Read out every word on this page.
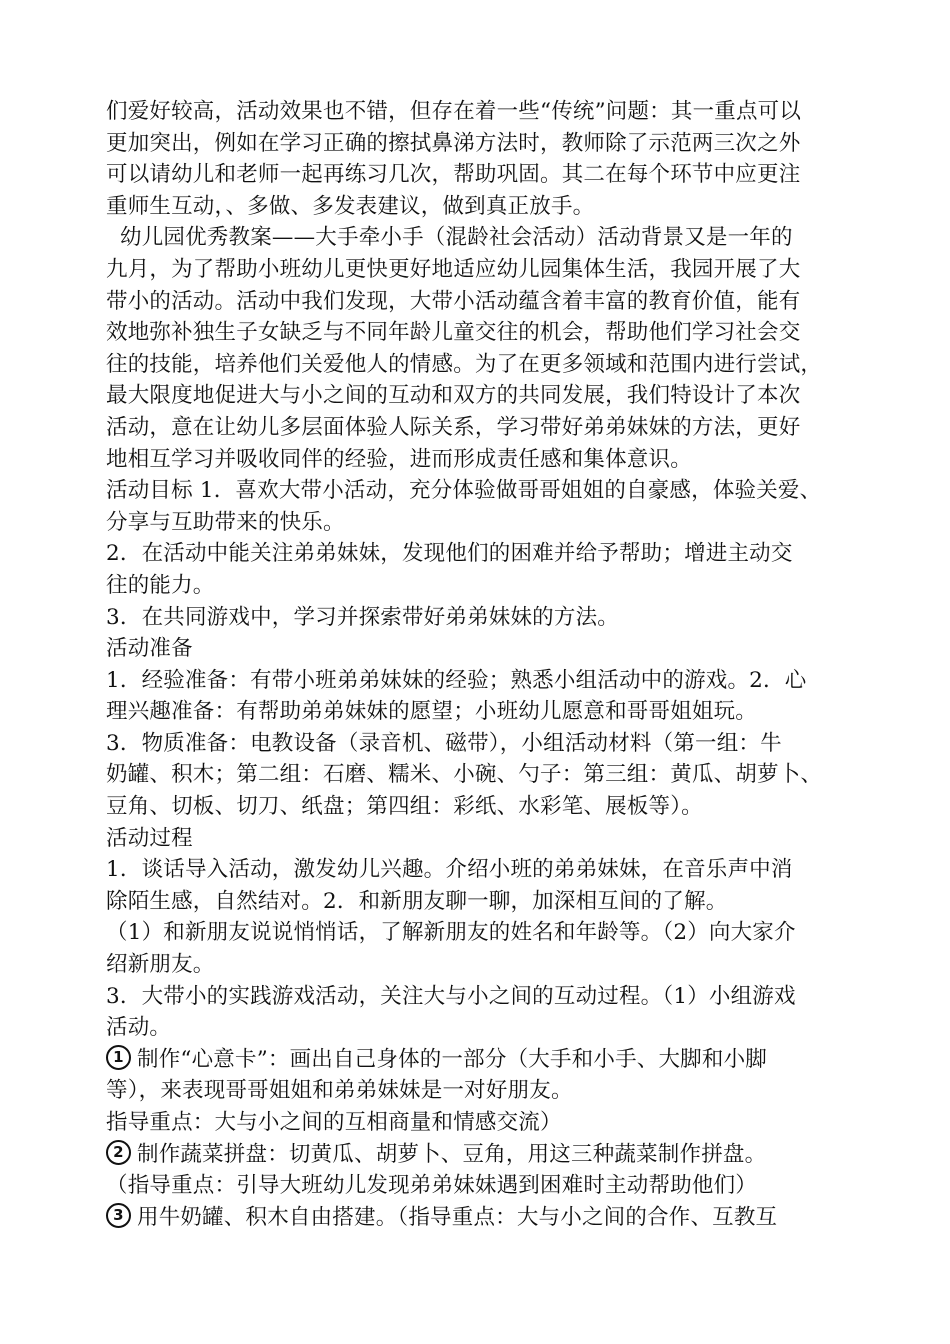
们爱好较高，活动效果也不错，但存在着一些“传统”问题：其一重点可以
更加突出，例如在学习正确的擦拭鼻涕方法时，教师除了示范两三次之外
可以请幼儿和老师一起再练习几次，帮助巩固。其二在每个环节中应更注
重师生互动，、多做、多发表建议，做到真正放手。
幼儿园优秀教案——大手牵小手（混龄社会活动）活动背景又是一年的
九月，为了帮助小班幼儿更快更好地适应幼儿园集体生活，我园开展了大
带小的活动。活动中我们发现，大带小活动蕴含着丰富的教育价值，能有
效地弥补独生子女缺乏与不同年龄儿童交往的机会，帮助他们学习社会交
往的技能，培养他们关爱他人的情感。为了在更多领域和范围内进行尝试，
最大限度地促进大与小之间的互动和双方的共同发展，我们特设计了本次
活动，意在让幼儿多层面体验人际关系，学习带好弟弟妹妹的方法，更好
地相互学习并吸收同伴的经验，进而形成责任感和集体意识。
活动目标 1．喜欢大带小活动，充分体验做哥哥姐姐的自豪感，体验关爱、
分享与互助带来的快乐。
2．在活动中能关注弟弟妹妹，发现他们的困难并给予帮助；增进主动交
往的能力。
3．在共同游戏中，学习并探索带好弟弟妹妹的方法。
活动准备
1．经验准备：有带小班弟弟妹妹的经验；熟悉小组活动中的游戏。2．心
理兴趣准备：有帮助弟弟妹妹的愿望；小班幼儿愿意和哥哥姐姐玩。
3．物质准备：电教设备（录音机、磁带），小组活动材料（第一组：牛
奶罐、积木；第二组：石磨、糯米、小碗、勺子：第三组：黄瓜、胡萝卜、
豆角、切板、切刀、纸盘；第四组：彩纸、水彩笔、展板等）。
活动过程
1．谈话导入活动，激发幼儿兴趣。介绍小班的弟弟妹妹，在音乐声中消
除陌生感，自然结对。2．和新朋友聊一聊，加深相互间的了解。
（1）和新朋友说说悄悄话，了解新朋友的姓名和年龄等。（2）向大家介
绍新朋友。
3．大带小的实践游戏活动，关注大与小之间的互动过程。（1）小组游戏
活动。
1 制作“心意卡”：画出自己身体的一部分（大手和小手、大脚和小脚
等），来表现哥哥姐姐和弟弟妹妹是一对好朋友。
指导重点：大与小之间的互相商量和情感交流）
2 制作蔬菜拼盘：切黄瓜、胡萝卜、豆角，用这三种蔬菜制作拼盘。
（指导重点：引导大班幼儿发现弟弟妹妹遇到困难时主动帮助他们）
3 用牛奶罐、积木自由搭建。（指导重点：大与小之间的合作、互教互
